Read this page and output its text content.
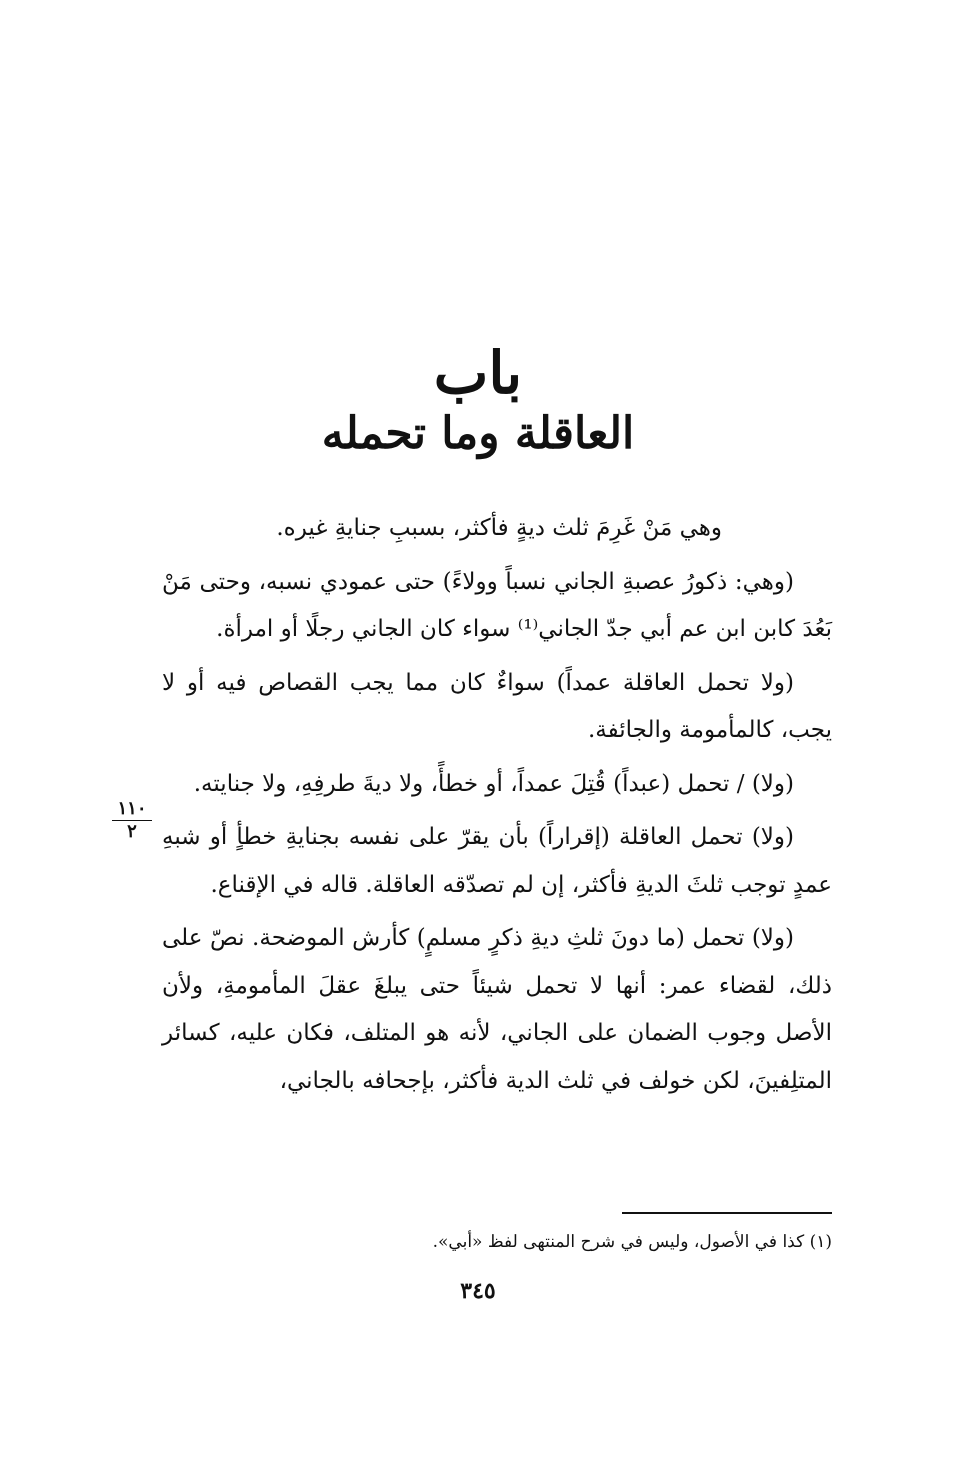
باب
العاقلة وما تحمله

وهي مَنْ غَرِمَ ثلث ديةٍ فأكثر، بسببِ جنايةِ غيره.

(وهي: ذكورُ عصبةِ الجاني نسباً وولاءً) حتى عمودي نسبه، وحتى مَنْ بَعُدَ كابن ابن عم أبي جدّ الجاني⁽¹⁾ سواء كان الجاني رجلًا أو امرأة.

(ولا تحمل العاقلة عمداً) سواءٌ كان مما يجب القصاص فيه أو لا يجب، كالمأمومة والجائفة.

(ولا) / تحمل (عبداً) قُتِلَ عمداً، أو خطأً، ولا ديةَ طرفِهِ، ولا جنايته.

(ولا) تحمل العاقلة (إقراراً) بأن يقرّ على نفسه بجنايةِ خطأٍ أو شبهِ عمدٍ توجب ثلثَ الديةِ فأكثر، إن لم تصدّقه العاقلة. قاله في الإقناع.

(ولا) تحمل (ما دونَ ثلثِ ديةِ ذكرٍ مسلمٍ) كأرش الموضحة. نصّ على ذلك، لقضاء عمر: أنها لا تحمل شيئاً حتى يبلغَ عقلَ المأمومةِ، ولأن الأصل وجوب الضمان على الجاني، لأنه هو المتلف، فكان عليه، كسائر المتلِفينَ، لكن خولف في ثلث الدية فأكثر، بإجحافه بالجاني،

١١٠
٢
(١) كذا في الأصول، وليس في شرح المنتهى لفظ «أبي».
٣٤٥
